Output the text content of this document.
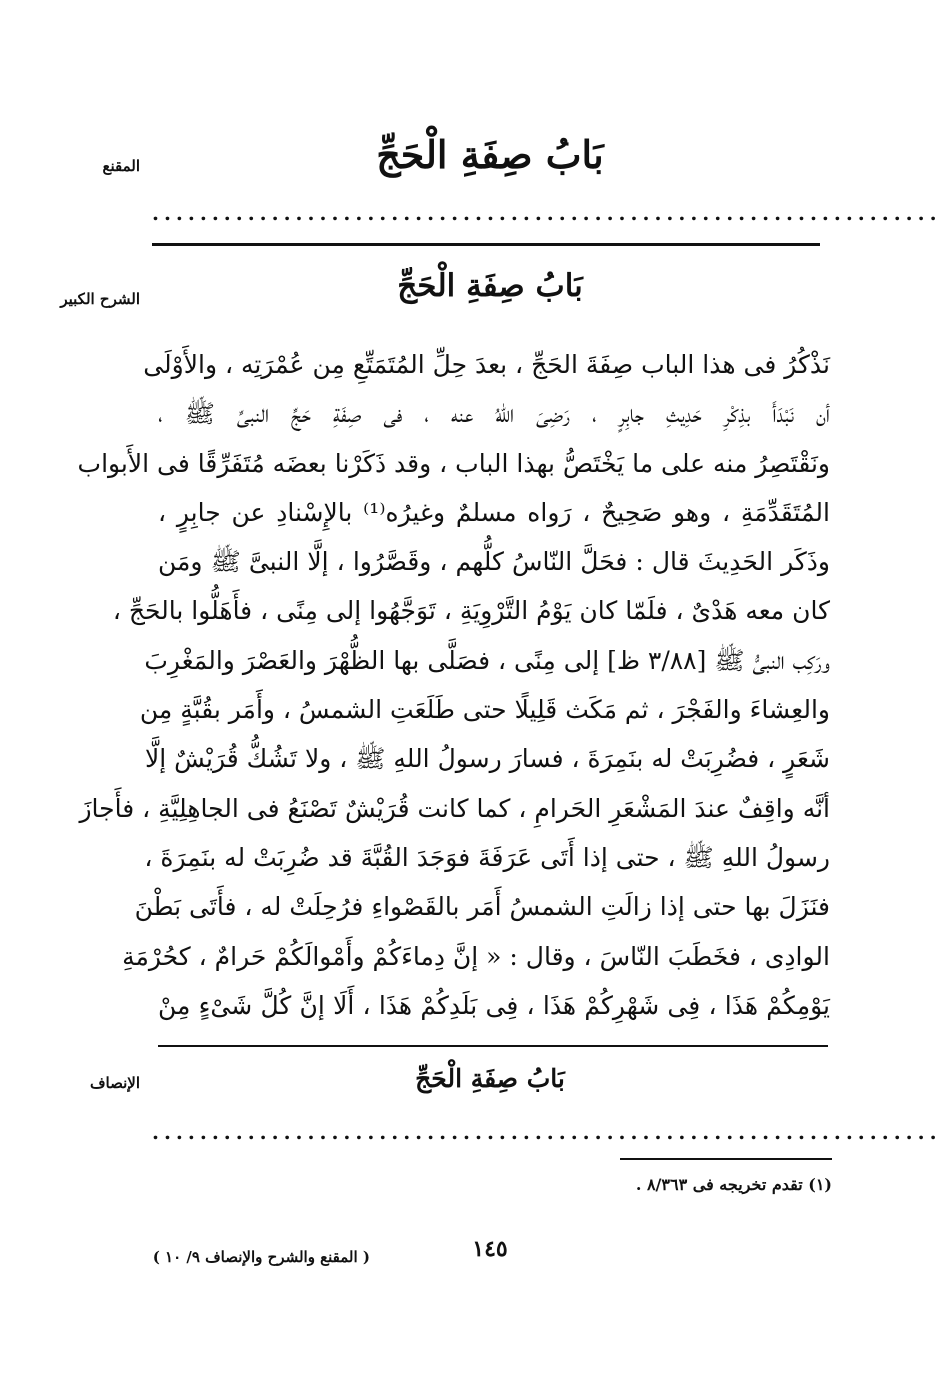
المقنع	بَابُ صِفَةِ الْحَجِّ
..................................................................
الشرح الكبير	بَابُ صِفَةِ الْحَجِّ
نَذْكُرُ فى هذا الباب صِفَةَ الحَجِّ ، بعدَ حِلِّ المُتَمَتِّعِ مِن عُمْرَتِه ، والأَوْلَى
أن نَبْدَأَ بذِكْرِ حَدِيثِ جابِرٍ ، رَضِىَ اللهُ عنه ، فى صِفَةِ حَجِّ النبىِّ ﷺ ،
ونَقْتَصِرُ منه على ما يَخْتَصُّ بهذا الباب ، وقد ذَكَرْنا بعضَه مُتَفَرِّقًا فى الأَبواب
المُتَقَدِّمَةِ ، وهو صَحِيحٌ ، رَواه مسلمٌ وغيرُه⁽¹⁾ بالإِسْنادِ عن جابِرٍ ،
وذَكَر الحَدِيثَ قال : فحَلَّ النّاسُ كلُّهم ، وقَصَّرُوا ، إلَّا النبىَّ ﷺ ومَن
كان معه هَدْىٌ ، فلَمّا كان يَوْمُ التَّرْوِيَةِ ، تَوَجَّهُوا إلى مِنًى ، فأَهَلُّوا بالحَجِّ ،
ورَكِب النبىُّ ﷺ [٣/٨٨ ظ] إلى مِنًى ، فصَلَّى بها الظُّهْرَ والعَصْرَ والمَغْرِبَ
والعِشاءَ والفَجْرَ ، ثم مَكَث قَلِيلًا حتى طَلَعَتِ الشمسُ ، وأَمَر بقُبَّةٍ مِن
شَعَرٍ ، فضُرِبَتْ له بنَمِرَةَ ، فسارَ رسولُ اللهِ ﷺ ، ولا تَشُكُّ قُرَيْشٌ إلَّا
أنَّه واقِفٌ عندَ المَشْعَرِ الحَرامِ ، كما كانت قُرَيْشٌ تَصْنَعُ فى الجاهِلِيَّةِ ، فأَجازَ
رسولُ اللهِ ﷺ ، حتى إذا أَتَى عَرَفَةَ فوَجَدَ القُبَّةَ قد ضُرِبَتْ له بنَمِرَةَ ،
فنَزَلَ بها حتى إذا زالَتِ الشمسُ أَمَر بالقَصْواءِ فرُحِلَتْ له ، فأَتَى بَطْنَ
الوادِى ، فخَطَبَ النّاسَ ، وقال : « إنَّ دِماءَكُمْ وأَمْوالَكُمْ حَرامٌ ، كحُرْمَةِ
يَوْمِكُمْ هَذَا ، فِى شَهْرِكُمْ هَذَا ، فِى بَلَدِكُمْ هَذَا ، أَلَا إنَّ كُلَّ شَىْءٍ مِنْ
الإنصاف	بَابُ صِفَةِ الْحَجِّ
..................................................................
(١) تقدم تخريجه فى ٨/٣٦٣ .
١٤٥
( المقنع والشرح والإنصاف ٩/ ١٠ )
